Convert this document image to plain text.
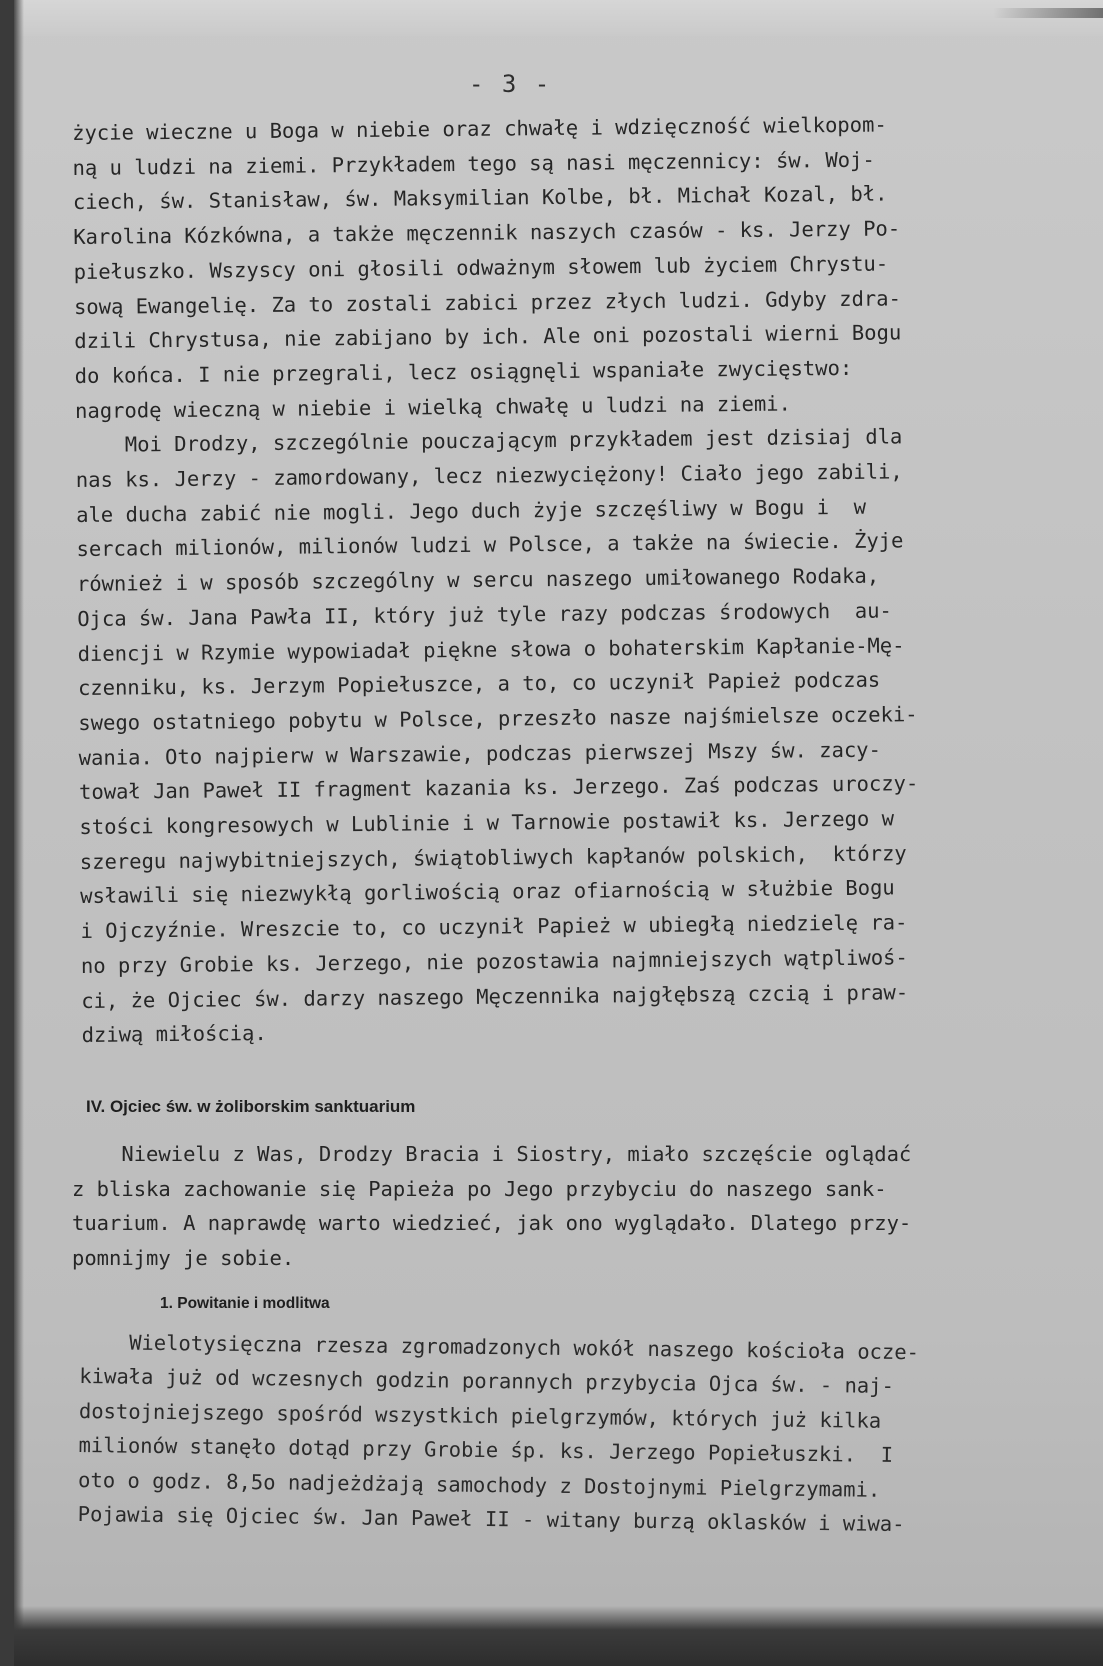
- 3 -
życie wieczne u Boga w niebie oraz chwałę i wdzięczność wielkopom-
ną u ludzi na ziemi. Przykładem tego są nasi męczennicy: św. Woj-
ciech, św. Stanisław, św. Maksymilian Kolbe, bł. Michał Kozal, bł.
Karolina Kózkówna, a także męczennik naszych czasów - ks. Jerzy Po-
piełuszko. Wszyscy oni głosili odważnym słowem lub życiem Chrystu-
sową Ewangelię. Za to zostali zabici przez złych ludzi. Gdyby zdra-
dzili Chrystusa, nie zabijano by ich. Ale oni pozostali wierni Bogu
do końca. I nie przegrali, lecz osiągnęli wspaniałe zwycięstwo:
nagrodę wieczną w niebie i wielką chwałę u ludzi na ziemi.
Moi Drodzy, szczególnie pouczającym przykładem jest dzisiaj dla
nas ks. Jerzy - zamordowany, lecz niezwyciężony! Ciało jego zabili,
ale ducha zabić nie mogli. Jego duch żyje szczęśliwy w Bogu i  w
sercach milionów, milionów ludzi w Polsce, a także na świecie. Żyje
również i w sposób szczególny w sercu naszego umiłowanego Rodaka,
Ojca św. Jana Pawła II, który już tyle razy podczas środowych  au-
diencji w Rzymie wypowiadał piękne słowa o bohaterskim Kapłanie-Mę-
czenniku, ks. Jerzym Popiełuszce, a to, co uczynił Papież podczas
swego ostatniego pobytu w Polsce, przeszło nasze najśmielsze oczeki-
wania. Oto najpierw w Warszawie, podczas pierwszej Mszy św. zacy-
tował Jan Paweł II fragment kazania ks. Jerzego. Zaś podczas uroczy-
stości kongresowych w Lublinie i w Tarnowie postawił ks. Jerzego w
szeregu najwybitniejszych, świątobliwych kapłanów polskich,  którzy
wsławili się niezwykłą gorliwością oraz ofiarnością w służbie Bogu
i Ojczyźnie. Wreszcie to, co uczynił Papież w ubiegłą niedzielę ra-
no przy Grobie ks. Jerzego, nie pozostawia najmniejszych wątpliwoś-
ci, że Ojciec św. darzy naszego Męczennika najgłębszą czcią i praw-
dziwą miłością.
IV. Ojciec św. w żoliborskim sanktuarium
Niewielu z Was, Drodzy Bracia i Siostry, miało szczęście oglądać
z bliska zachowanie się Papieża po Jego przybyciu do naszego sank-
tuarium. A naprawdę warto wiedzieć, jak ono wyglądało. Dlatego przy-
pomnijmy je sobie.
1. Powitanie i modlitwa
Wielotysięczna rzesza zgromadzonych wokół naszego kościoła ocze-
kiwała już od wczesnych godzin porannych przybycia Ojca św. - naj-
dostojniejszego spośród wszystkich pielgrzymów, których już kilka
milionów stanęło dotąd przy Grobie śp. ks. Jerzego Popiełuszki.  I
oto o godz. 8,5o nadjeżdżają samochody z Dostojnymi Pielgrzymami.
Pojawia się Ojciec św. Jan Paweł II - witany burzą oklasków i wiwa-
